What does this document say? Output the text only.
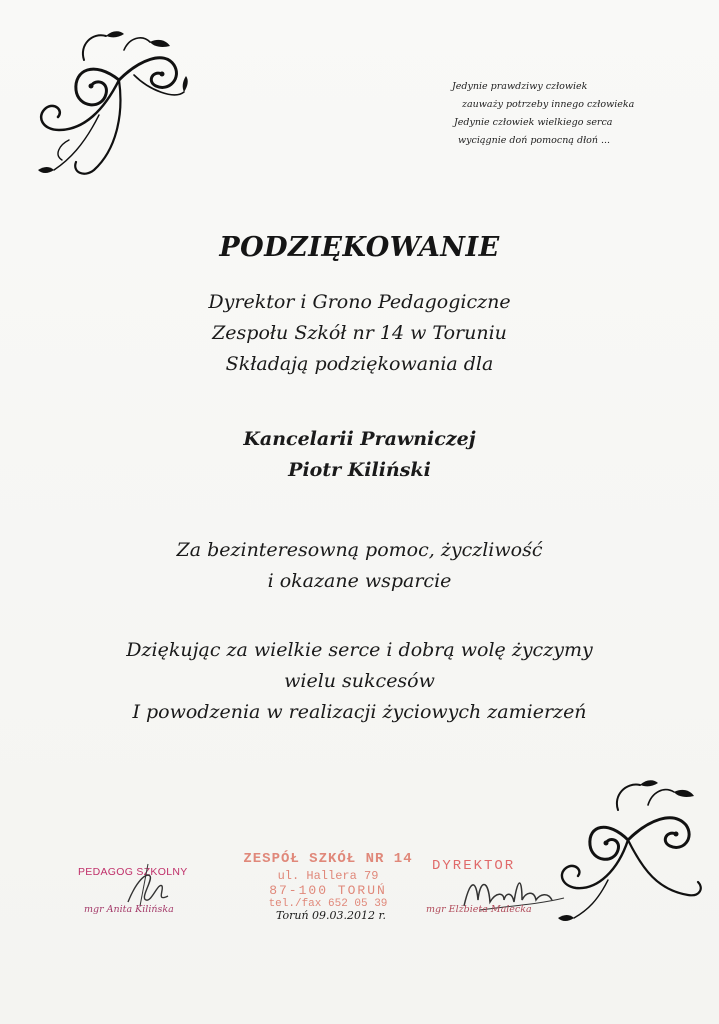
Jedynie prawdziwy człowiek
zauważy potrzeby innego człowieka
Jedynie człowiek wielkiego serca
wyciągnie doń pomocną dłoń ...
PODZIĘKOWANIE
Dyrektor i Grono Pedagogiczne
Zespołu Szkół nr 14 w Toruniu
Składają podziękowania dla
Kancelarii Prawniczej
Piotr Kiliński
Za bezinteresowną pomoc, życzliwość
i okazane wsparcie
Dziękując za wielkie serce i dobrą wolę życzymy
wielu sukcesów
I powodzenia w realizacji życiowych zamierzeń
PEDAGOG SZKOLNY
mgr Anita Kilińska
ZESPÓŁ SZKÓŁ NR 14
ul. Hallera 79
87-100 TORUŃ
tel./fax 652 05 39
Toruń 09.03.2012 r.
DYREKTOR
mgr Elżbieta Malecka
